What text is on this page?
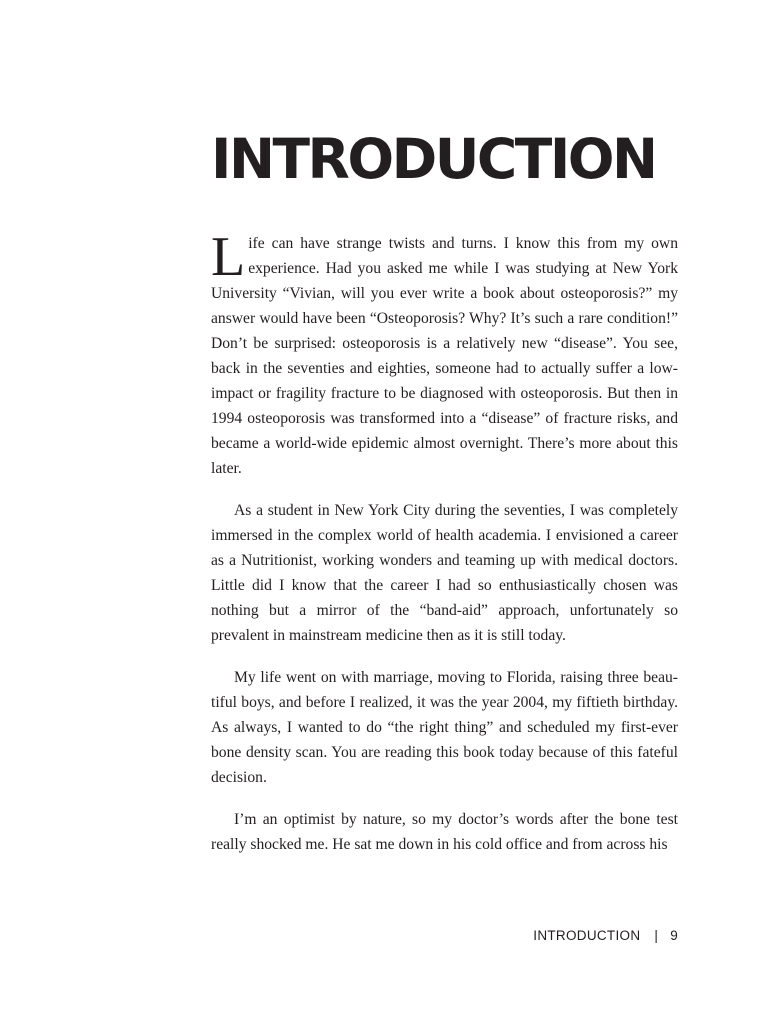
INTRODUCTION

Life can have strange twists and turns. I know this from my own experience. Had you asked me while I was studying at New York University “Vivian, will you ever write a book about osteoporosis?” my answer would have been “Osteoporosis? Why? It’s such a rare condition!” Don’t be surprised: osteoporosis is a relatively new “disease”. You see, back in the seventies and eighties, someone had to actually suffer a low-impact or fragility fracture to be diagnosed with osteoporosis. But then in 1994 osteoporosis was transformed into a “disease” of fracture risks, and became a world-wide epidemic almost overnight. There’s more about this later.

As a student in New York City during the seventies, I was completely immersed in the complex world of health academia. I envisioned a career as a Nutritionist, working wonders and teaming up with medical doctors. Little did I know that the career I had so enthusiastically chosen was nothing but a mirror of the “band-aid” approach, unfortunately so prevalent in mainstream medicine then as it is still today.

My life went on with marriage, moving to Florida, raising three beautiful boys, and before I realized, it was the year 2004, my fiftieth birthday. As always, I wanted to do “the right thing” and scheduled my first-ever bone density scan. You are reading this book today because of this fateful decision.

I’m an optimist by nature, so my doctor’s words after the bone test really shocked me. He sat me down in his cold office and from across his

INTRODUCTION | 9
